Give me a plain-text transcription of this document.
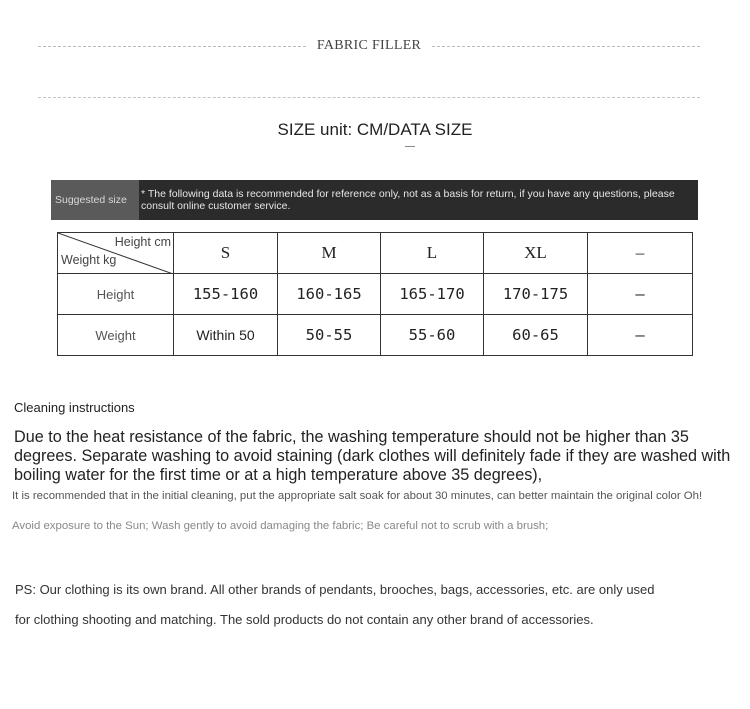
FABRIC FILLER
SIZE unit: CM/DATA SIZE
Suggested size	* The following data is recommended for reference only, not as a basis for return, if you have any questions, please consult online customer service.
Height cm
Weight kg	S	M	L	XL	–
Height	155-160	160-165	165-170	170-175	–
Weight	Within 50	50-55	55-60	60-65	–
Cleaning instructions
Due to the heat resistance of the fabric, the washing temperature should not be higher than 35 degrees. Separate washing to avoid staining (dark clothes will definitely fade if they are washed with boiling water for the first time or at a high temperature above 35 degrees),
It is recommended that in the initial cleaning, put the appropriate salt soak for about 30 minutes, can better maintain the original color Oh!
Avoid exposure to the Sun; Wash gently to avoid damaging the fabric; Be careful not to scrub with a brush;
PS: Our clothing is its own brand. All other brands of pendants, brooches, bags, accessories, etc. are only used
for clothing shooting and matching. The sold products do not contain any other brand of accessories.
